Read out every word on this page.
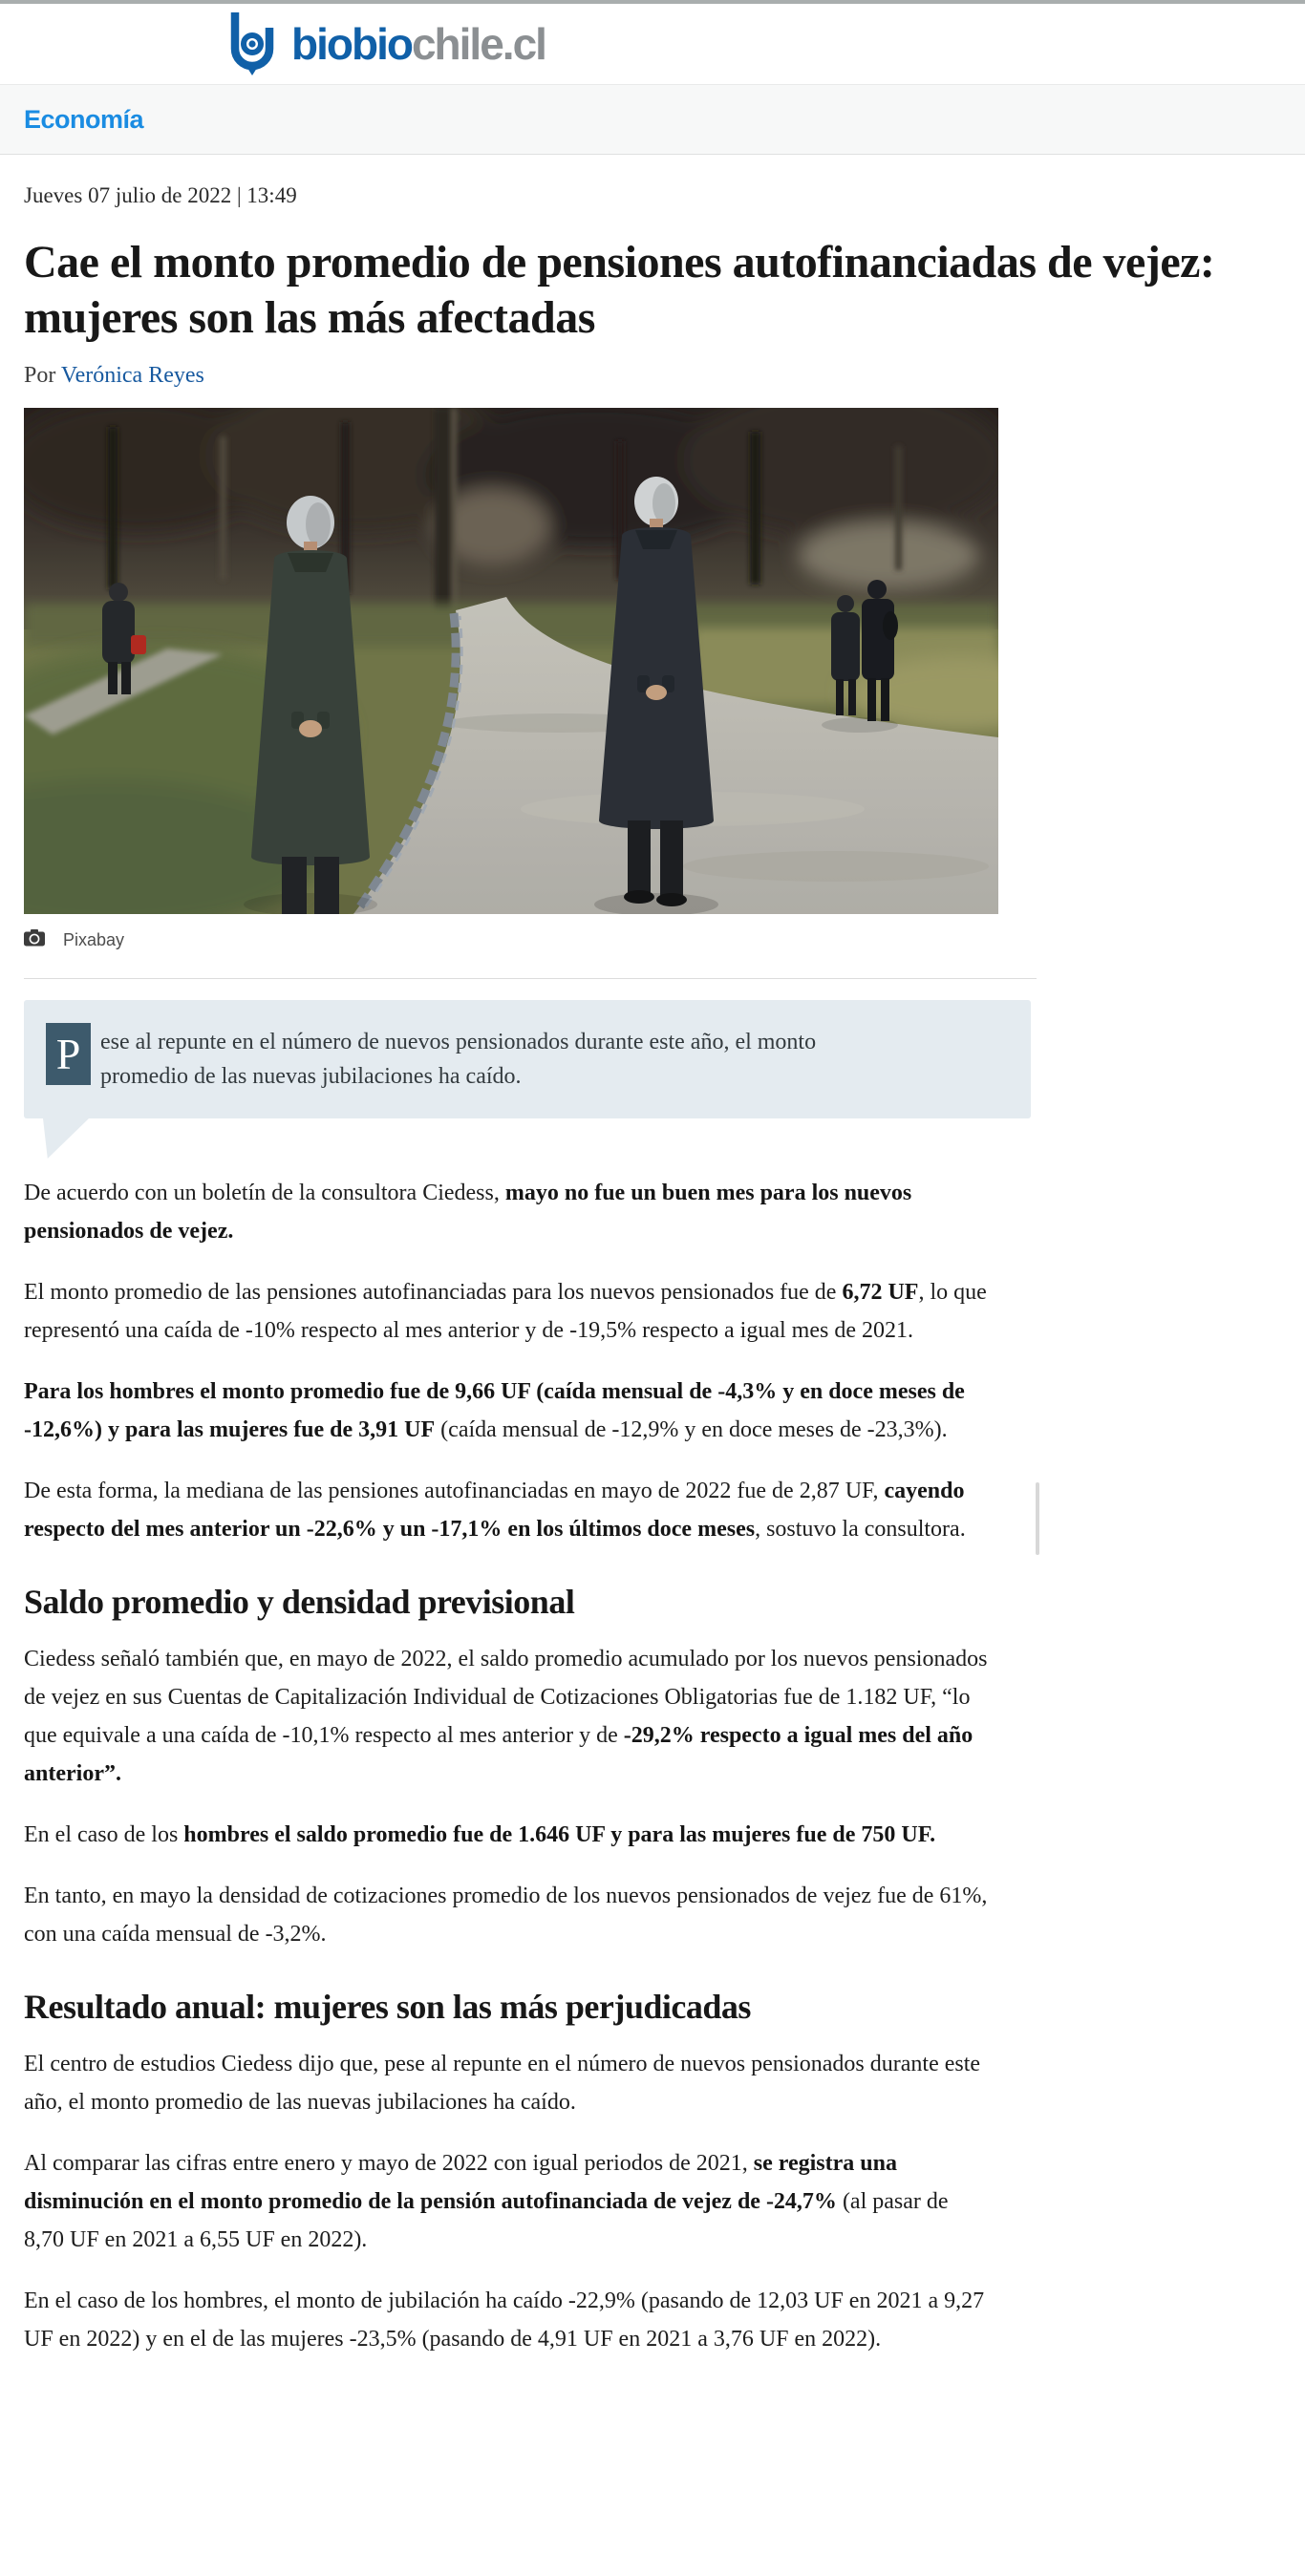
biobiochile.cl
Economía
Jueves 07 julio de 2022 | 13:49
Cae el monto promedio de pensiones autofinanciadas de vejez: mujeres son las más afectadas
Por Verónica Reyes
Pixabay
P ese al repunte en el número de nuevos pensionados durante este año, el monto promedio de las nuevas jubilaciones ha caído.

De acuerdo con un boletín de la consultora Ciedess, mayo no fue un buen mes para los nuevos pensionados de vejez.

El monto promedio de las pensiones autofinanciadas para los nuevos pensionados fue de 6,72 UF, lo que representó una caída de -10% respecto al mes anterior y de -19,5% respecto a igual mes de 2021.

Para los hombres el monto promedio fue de 9,66 UF (caída mensual de -4,3% y en doce meses de -12,6%) y para las mujeres fue de 3,91 UF (caída mensual de -12,9% y en doce meses de -23,3%).

De esta forma, la mediana de las pensiones autofinanciadas en mayo de 2022 fue de 2,87 UF, cayendo respecto del mes anterior un -22,6% y un -17,1% en los últimos doce meses, sostuvo la consultora.

Saldo promedio y densidad previsional

Ciedess señaló también que, en mayo de 2022, el saldo promedio acumulado por los nuevos pensionados de vejez en sus Cuentas de Capitalización Individual de Cotizaciones Obligatorias fue de 1.182 UF, “lo que equivale a una caída de -10,1% respecto al mes anterior y de -29,2% respecto a igual mes del año anterior”.

En el caso de los hombres el saldo promedio fue de 1.646 UF y para las mujeres fue de 750 UF.

En tanto, en mayo la densidad de cotizaciones promedio de los nuevos pensionados de vejez fue de 61%, con una caída mensual de -3,2%.

Resultado anual: mujeres son las más perjudicadas

El centro de estudios Ciedess dijo que, pese al repunte en el número de nuevos pensionados durante este año, el monto promedio de las nuevas jubilaciones ha caído.

Al comparar las cifras entre enero y mayo de 2022 con igual periodos de 2021, se registra una disminución en el monto promedio de la pensión autofinanciada de vejez de -24,7% (al pasar de 8,70 UF en 2021 a 6,55 UF en 2022).

En el caso de los hombres, el monto de jubilación ha caído -22,9% (pasando de 12,03 UF en 2021 a 9,27 UF en 2022) y en el de las mujeres -23,5% (pasando de 4,91 UF en 2021 a 3,76 UF en 2022).
